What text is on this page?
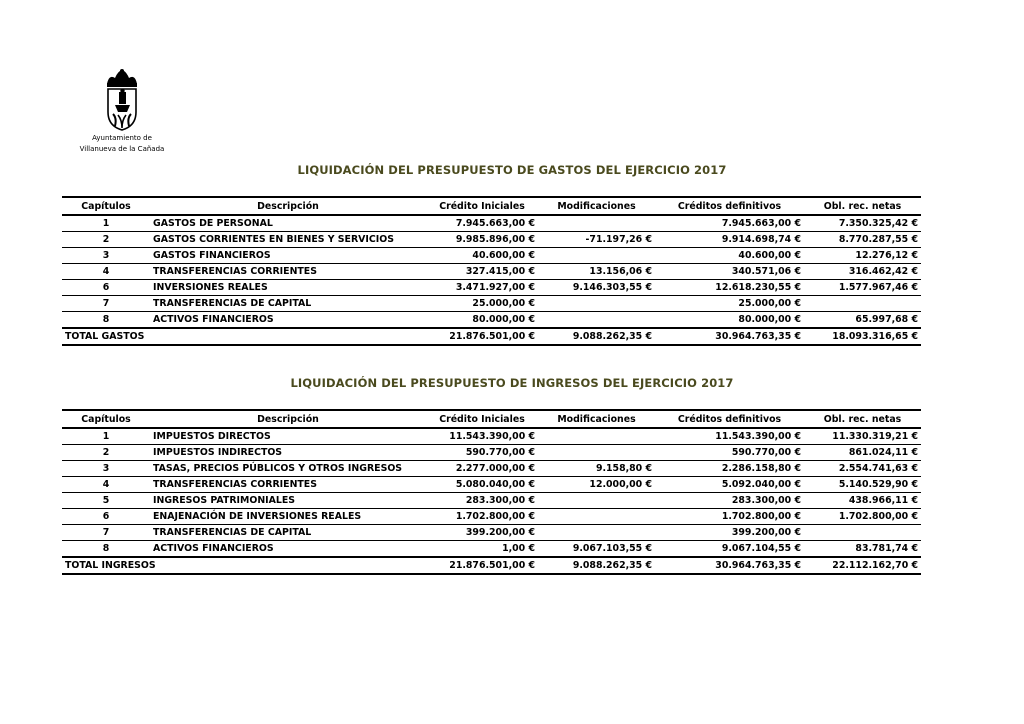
Ayuntamiento de
Villanueva de la Cañada
LIQUIDACIÓN DEL PRESUPUESTO DE GASTOS DEL EJERCICIO 2017
Capítulos	Descripción	Crédito Iniciales	Modificaciones	Créditos definitivos	Obl. rec. netas
1	GASTOS DE PERSONAL	7.945.663,00 €		7.945.663,00 €	7.350.325,42 €
2	GASTOS CORRIENTES EN BIENES Y SERVICIOS	9.985.896,00 €	-71.197,26 €	9.914.698,74 €	8.770.287,55 €
3	GASTOS FINANCIEROS	40.600,00 €		40.600,00 €	12.276,12 €
4	TRANSFERENCIAS CORRIENTES	327.415,00 €	13.156,06 €	340.571,06 €	316.462,42 €
6	INVERSIONES REALES	3.471.927,00 €	9.146.303,55 €	12.618.230,55 €	1.577.967,46 €
7	TRANSFERENCIAS DE CAPITAL	25.000,00 €		25.000,00 €	
8	ACTIVOS FINANCIEROS	80.000,00 €		80.000,00 €	65.997,68 €
TOTAL GASTOS		21.876.501,00 €	9.088.262,35 €	30.964.763,35 €	18.093.316,65 €
LIQUIDACIÓN DEL PRESUPUESTO DE INGRESOS DEL EJERCICIO 2017
Capítulos	Descripción	Crédito Iniciales	Modificaciones	Créditos definitivos	Obl. rec. netas
1	IMPUESTOS DIRECTOS	11.543.390,00 €		11.543.390,00 €	11.330.319,21 €
2	IMPUESTOS INDIRECTOS	590.770,00 €		590.770,00 €	861.024,11 €
3	TASAS, PRECIOS PÚBLICOS Y OTROS INGRESOS	2.277.000,00 €	9.158,80 €	2.286.158,80 €	2.554.741,63 €
4	TRANSFERENCIAS CORRIENTES	5.080.040,00 €	12.000,00 €	5.092.040,00 €	5.140.529,90 €
5	INGRESOS PATRIMONIALES	283.300,00 €		283.300,00 €	438.966,11 €
6	ENAJENACIÓN DE INVERSIONES REALES	1.702.800,00 €		1.702.800,00 €	1.702.800,00 €
7	TRANSFERENCIAS DE CAPITAL	399.200,00 €		399.200,00 €	
8	ACTIVOS FINANCIEROS	1,00 €	9.067.103,55 €	9.067.104,55 €	83.781,74 €
TOTAL INGRESOS		21.876.501,00 €	9.088.262,35 €	30.964.763,35 €	22.112.162,70 €
